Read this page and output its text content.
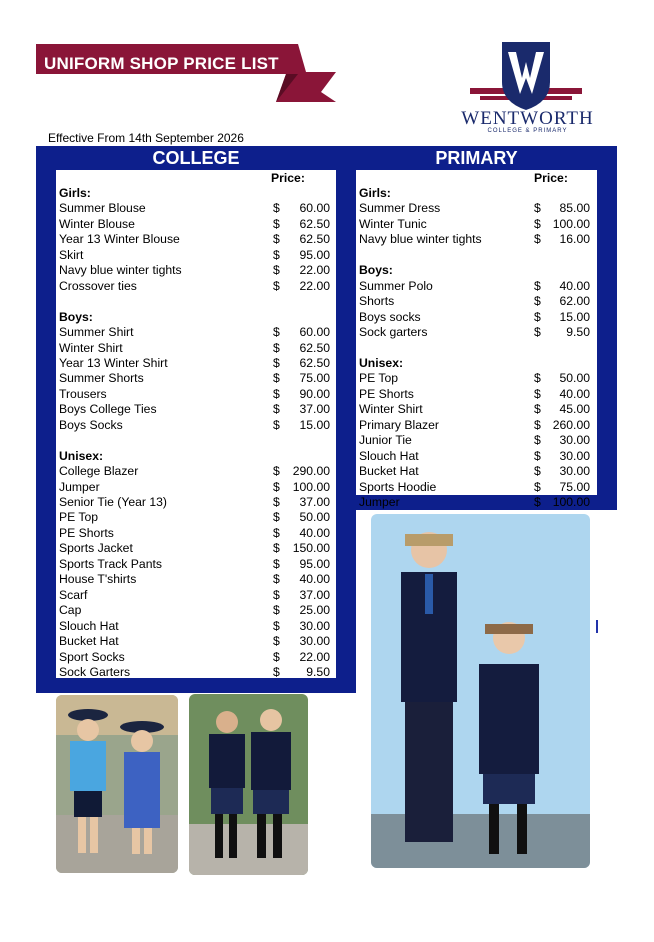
UNIFORM SHOP PRICE LIST
WENTWORTH
COLLEGE & PRIMARY
Effective From 14th September 2026
COLLEGE	PRIMARY
Price:	Price:
Girls:
Summer Blouse	$ 60.00
Winter Blouse	$ 62.50
Year 13 Winter Blouse	$ 62.50
Skirt	$ 95.00
Navy blue winter tights	$ 22.00
Crossover ties	$ 22.00
Boys:
Summer Shirt	$ 60.00
Winter Shirt	$ 62.50
Year 13 Winter Shirt	$ 62.50
Summer Shorts	$ 75.00
Trousers	$ 90.00
Boys College Ties	$ 37.00
Boys Socks	$ 15.00
Unisex:
College Blazer	$ 290.00
Jumper	$ 100.00
Senior Tie (Year 13)	$ 37.00
PE Top	$ 50.00
PE Shorts	$ 40.00
Sports Jacket	$ 150.00
Sports Track Pants	$ 95.00
House T'shirts	$ 40.00
Scarf	$ 37.00
Cap	$ 25.00
Slouch Hat	$ 30.00
Bucket Hat	$ 30.00
Sport Socks	$ 22.00
Sock Garters	$ 9.50
Girls:
Summer Dress	$ 85.00
Winter Tunic	$ 100.00
Navy blue winter tights	$ 16.00
Boys:
Summer Polo	$ 40.00
Shorts	$ 62.00
Boys socks	$ 15.00
Sock garters	$ 9.50
Unisex:
PE Top	$ 50.00
PE Shorts	$ 40.00
Winter Shirt	$ 45.00
Primary Blazer	$ 260.00
Junior Tie	$ 30.00
Slouch Hat	$ 30.00
Bucket Hat	$ 30.00
Sports Hoodie	$ 75.00
Jumper	$ 100.00
